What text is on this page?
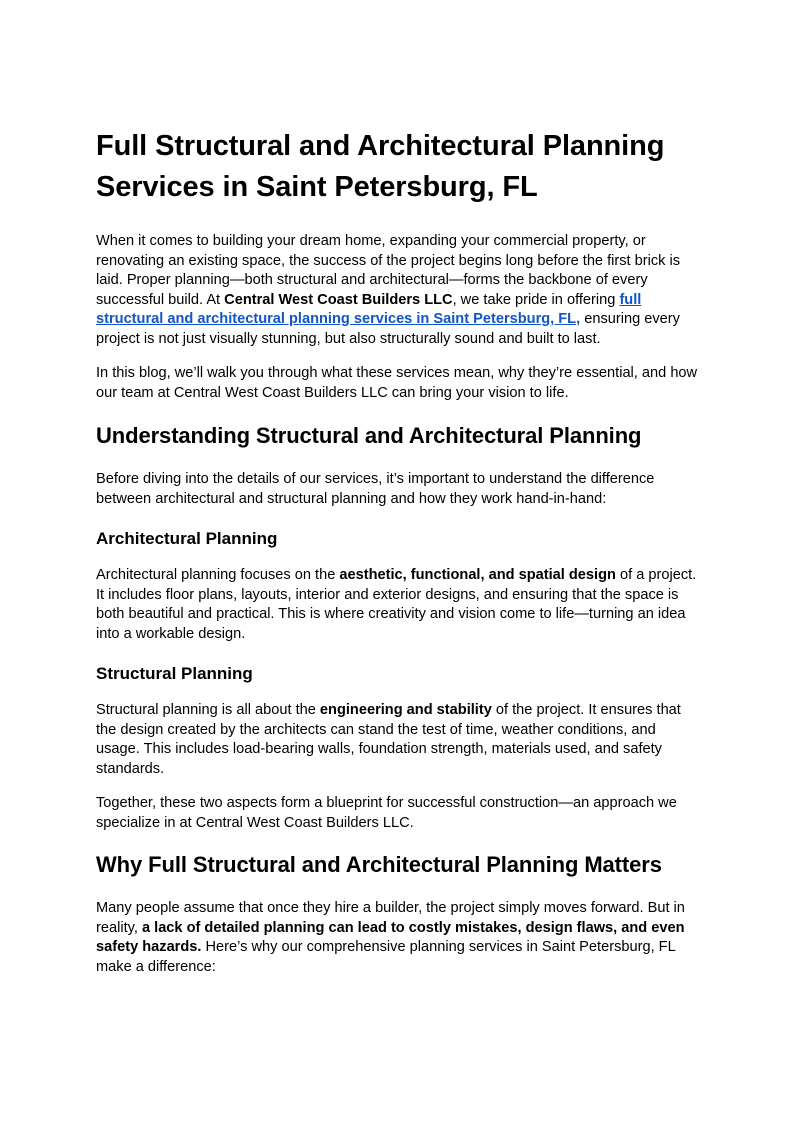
Full Structural and Architectural Planning Services in Saint Petersburg, FL

When it comes to building your dream home, expanding your commercial property, or renovating an existing space, the success of the project begins long before the first brick is laid. Proper planning—both structural and architectural—forms the backbone of every successful build. At Central West Coast Builders LLC, we take pride in offering full structural and architectural planning services in Saint Petersburg, FL, ensuring every project is not just visually stunning, but also structurally sound and built to last.

In this blog, we’ll walk you through what these services mean, why they’re essential, and how our team at Central West Coast Builders LLC can bring your vision to life.

Understanding Structural and Architectural Planning

Before diving into the details of our services, it’s important to understand the difference between architectural and structural planning and how they work hand-in-hand:

Architectural Planning

Architectural planning focuses on the aesthetic, functional, and spatial design of a project. It includes floor plans, layouts, interior and exterior designs, and ensuring that the space is both beautiful and practical. This is where creativity and vision come to life—turning an idea into a workable design.

Structural Planning

Structural planning is all about the engineering and stability of the project. It ensures that the design created by the architects can stand the test of time, weather conditions, and usage. This includes load-bearing walls, foundation strength, materials used, and safety standards.

Together, these two aspects form a blueprint for successful construction—an approach we specialize in at Central West Coast Builders LLC.

Why Full Structural and Architectural Planning Matters

Many people assume that once they hire a builder, the project simply moves forward. But in reality, a lack of detailed planning can lead to costly mistakes, design flaws, and even safety hazards. Here’s why our comprehensive planning services in Saint Petersburg, FL make a difference:
